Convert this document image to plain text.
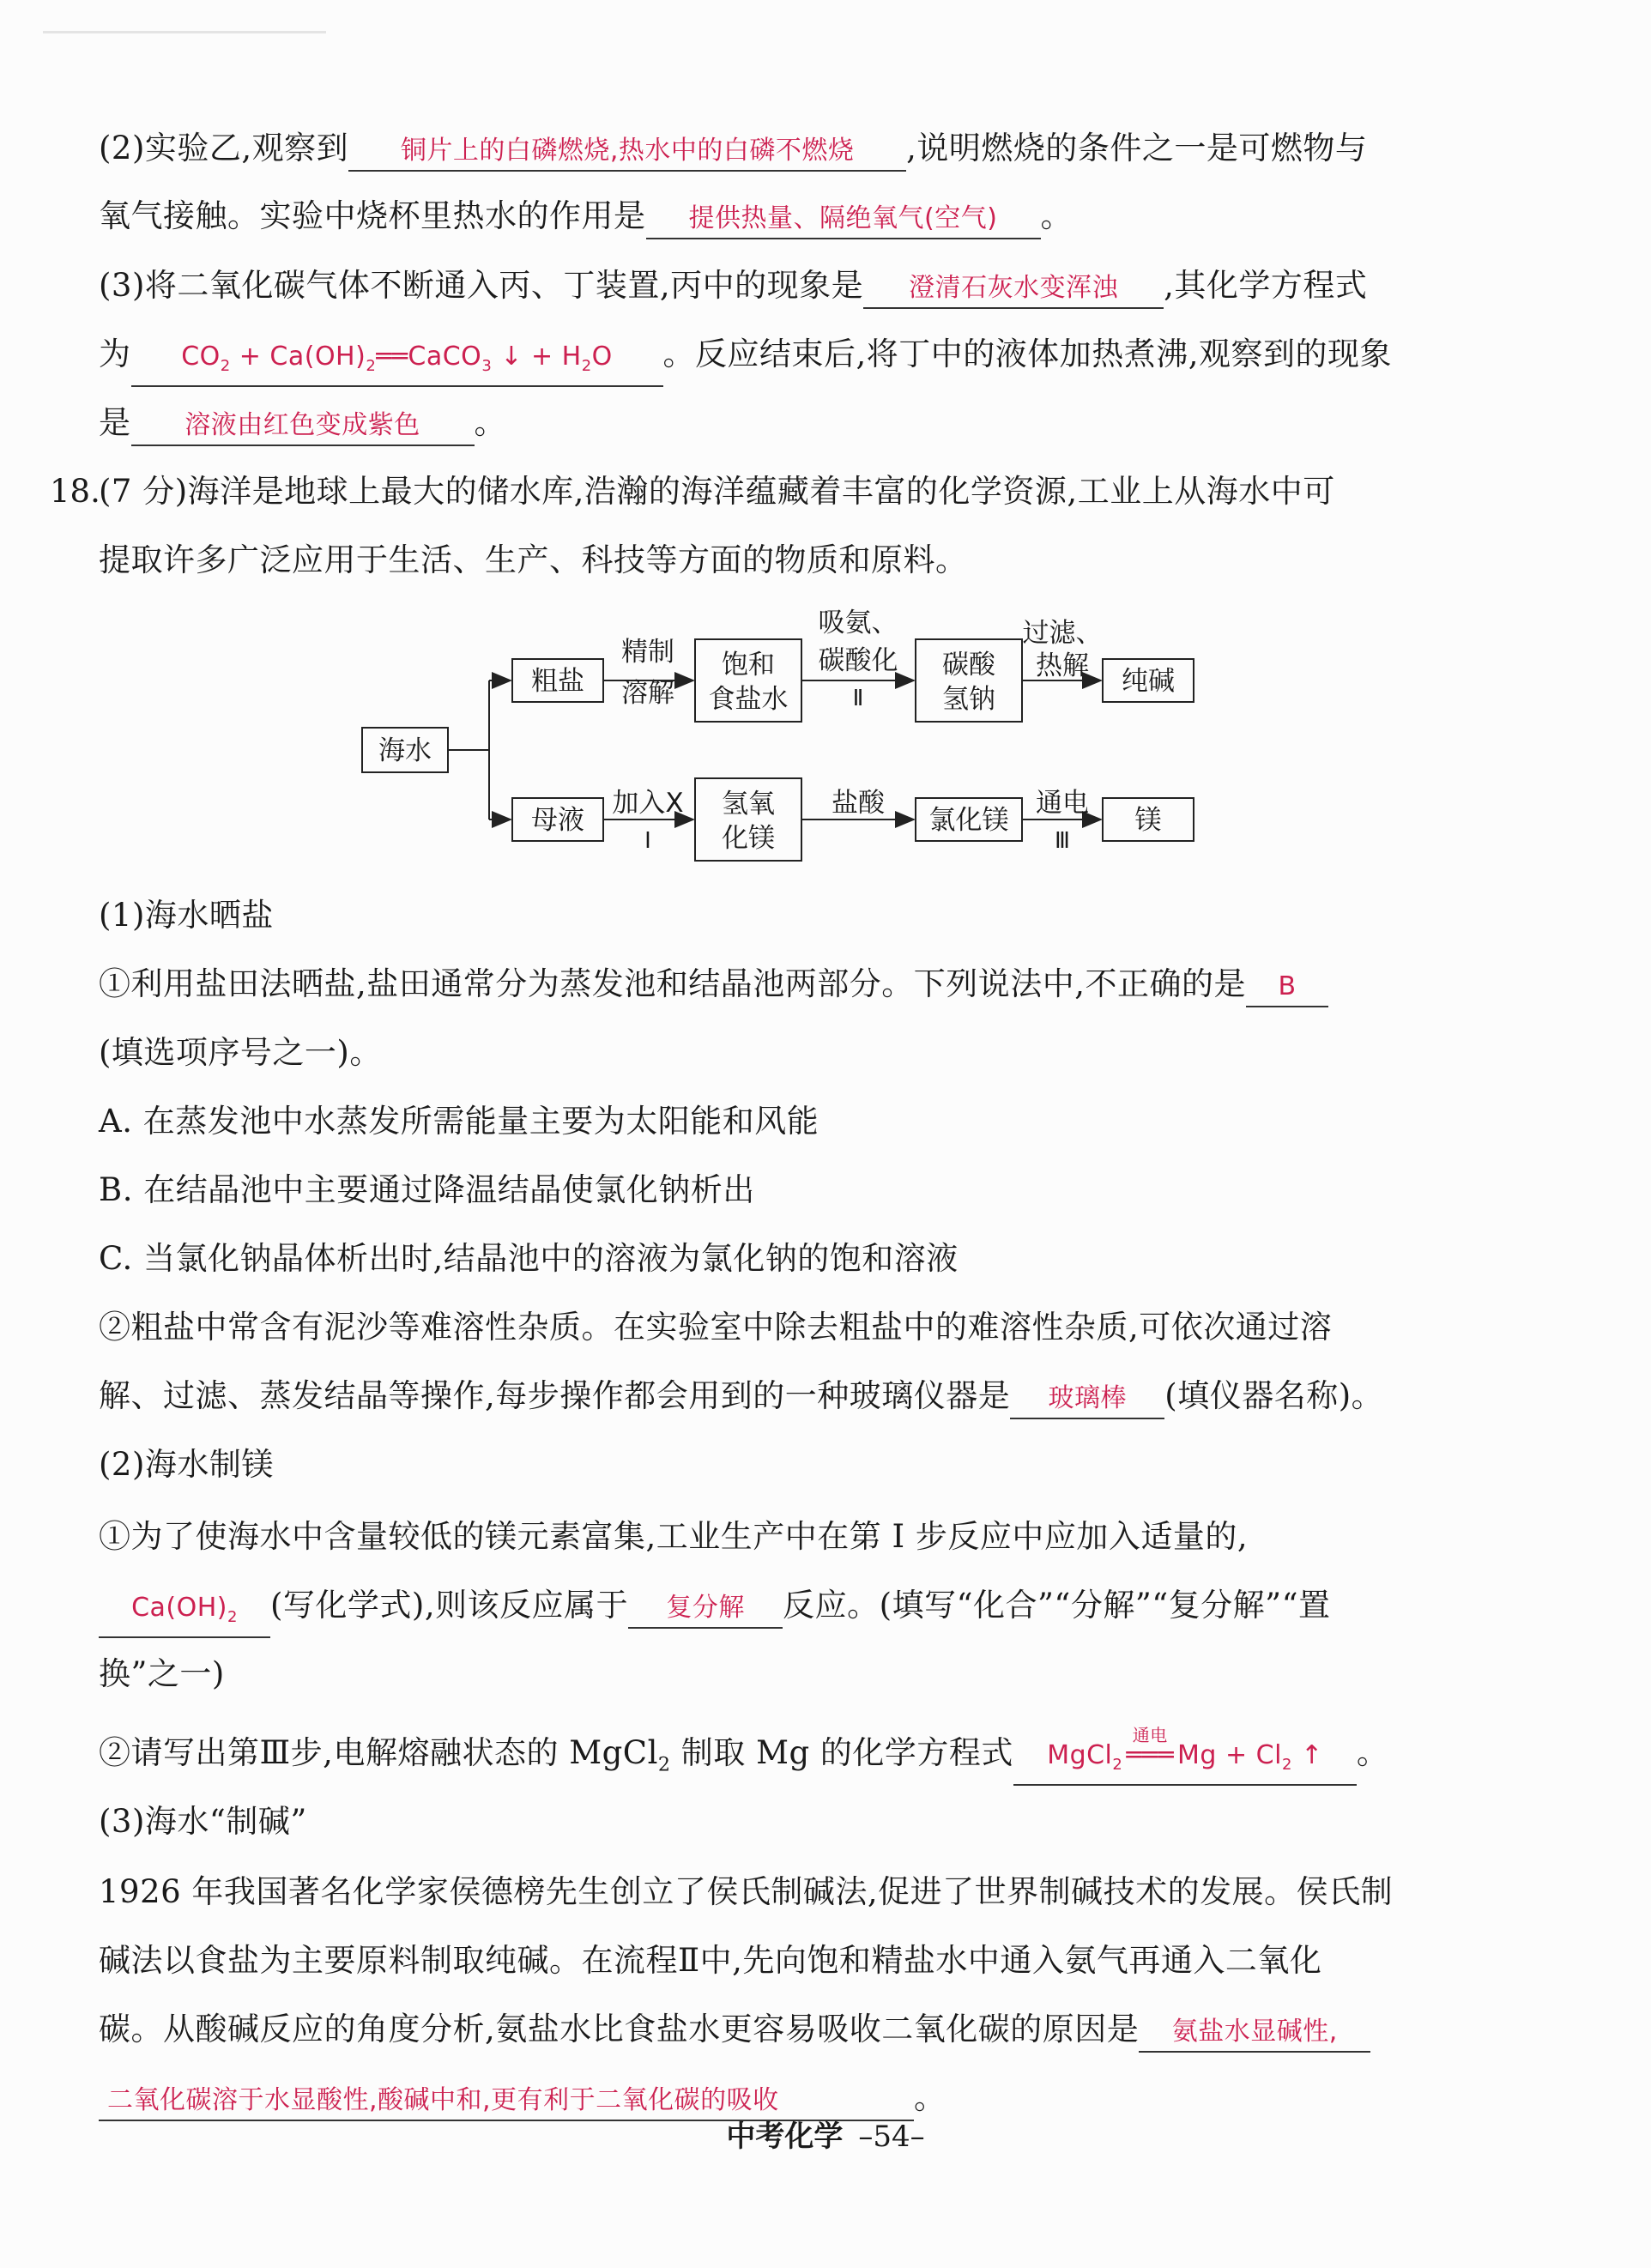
(2)实验乙,观察到 铜片上的白磷燃烧,热水中的白磷不燃烧 ,说明燃烧的条件之一是可燃物与
氧气接触。实验中烧杯里热水的作用是 提供热量、隔绝氧气(空气) 。
(3)将二氧化碳气体不断通入丙、丁装置,丙中的现象是 澄清石灰水变浑浊 ,其化学方程式
为 $CO_2$ + $Ca(OH)_2══CaCO_3$ ↓ + $H_2O$ 。反应结束后,将丁中的液体加热煮沸,观察到的现象
是 溶液由红色变成紫色 。
18.
(7 分)海洋是地球上最大的储水库,浩瀚的海洋蕴藏着丰富的化学资源,工业上从海水中可
提取许多广泛应用于生活、生产、科技等方面的物质和原料。
海水
粗盐
精制
溶解
饱和
食盐水
吸氨、
碳酸化
Ⅱ
碳酸
氢钠
过滤、
热解 纯碱
母液
加入X
Ⅰ
氢氧
化镁
盐酸
氯化镁
通电
Ⅲ
镁
(1)海水晒盐
①利用盐田法晒盐,盐田通常分为蒸发池和结晶池两部分。下列说法中,不正确的是 B
(填选项序号之一)。
A. 在蒸发池中水蒸发所需能量主要为太阳能和风能
B. 在结晶池中主要通过降温结晶使氯化钠析出
C. 当氯化钠晶体析出时,结晶池中的溶液为氯化钠的饱和溶液
②粗盐中常含有泥沙等难溶性杂质。在实验室中除去粗盐中的难溶性杂质,可依次通过溶
解、过滤、蒸发结晶等操作,每步操作都会用到的一种玻璃仪器是 玻璃棒 (填仪器名称)。
(2)海水制镁
①为了使海水中含量较低的镁元素富集,工业生产中在第 Ⅰ 步反应中应加入适量的,
$Ca(OH)_2$ (写化学式),则该反应属于 复分解 反应。(填写“化合”“分解”“复分解”“置
换”之一)
②请写出第Ⅲ步,电解熔融状态的 MgCl$_2$ 制取 Mg 的化学方程式 MgCl$_2$
通电
═══ $Mg + Cl_2$ ↑ 。
(3)海水“制碱”
1926 年我国著名化学家侯德榜先生创立了侯氏制碱法,促进了世界制碱技术的发展。侯氏制
碱法以食盐为主要原料制取纯碱。在流程Ⅱ中,先向饱和精盐水中通入氨气再通入二氧化
碳。从酸碱反应的角度分析,氨盐水比食盐水更容易吸收二氧化碳的原因是 氨盐水显碱性,
二氧化碳溶于水显酸性,酸碱中和,更有利于二氧化碳的吸收	。
中考化学 –54–
